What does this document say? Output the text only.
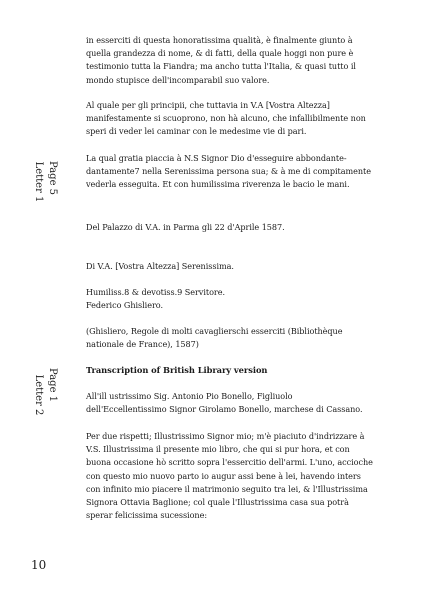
in esserciti di questa honoratissima qualità, è finalmente giunto à
quella grandezza di nome, & di fatti, della quale hoggi non pure è
testimonio tutta la Fiandra; ma ancho tutta l'Italia, & quasi tutto il
mondo stupisce dell'incomparabil suo valore.
Al quale per gli principii, che tuttavia in V.A [Vostra Altezza]
manifestamente si scuoprono, non hà alcuno, che infallibilmente non
speri di veder lei caminar con le medesime vie di pari.
La qual gratia piaccia à N.S Signor Dio d'esseguire abbondante-
dantamente7 nella Serenissima persona sua; & à me di compitamente
vederla esseguita. Et con humilissima riverenza le bacio le mani.
Del Palazzo di V.A. in Parma gli 22 d'Aprile 1587.
Di V.A. [Vostra Altezza] Serenissima.
Humiliss.8 & devotiss.9 Servitore.
Federico Ghisliero.
(Ghisliero, Regole di molti cavaglierschi esserciti (Bibliothèque
nationale de France), 1587)
Transcription of British Library version
All'ill ustrissimo Sig. Antonio Pio Bonello, Figliuolo
dell'Eccellentissimo Signor Girolamo Bonello, marchese di Cassano.
Per due rispetti; Illustrissimo Signor mio; m'è piaciuto d'indrizzare à
V.S. Illustrissima il presente mio libro, che qui si pur hora, et con
buona occasione hò scritto sopra l'essercitio dell'armi. L'uno, accioche
con questo mio nuovo parto io augur assi bene à lei, havendo inters
con infinito mio piacere il matrimonio seguito tra lei, & l'Illustrissima
Signora Ottavia Baglione; col quale l'Illustrissima casa sua potrà
sperar felicissima sucessione:
Letter 1 Page 5
Letter 2 Page 1
10
